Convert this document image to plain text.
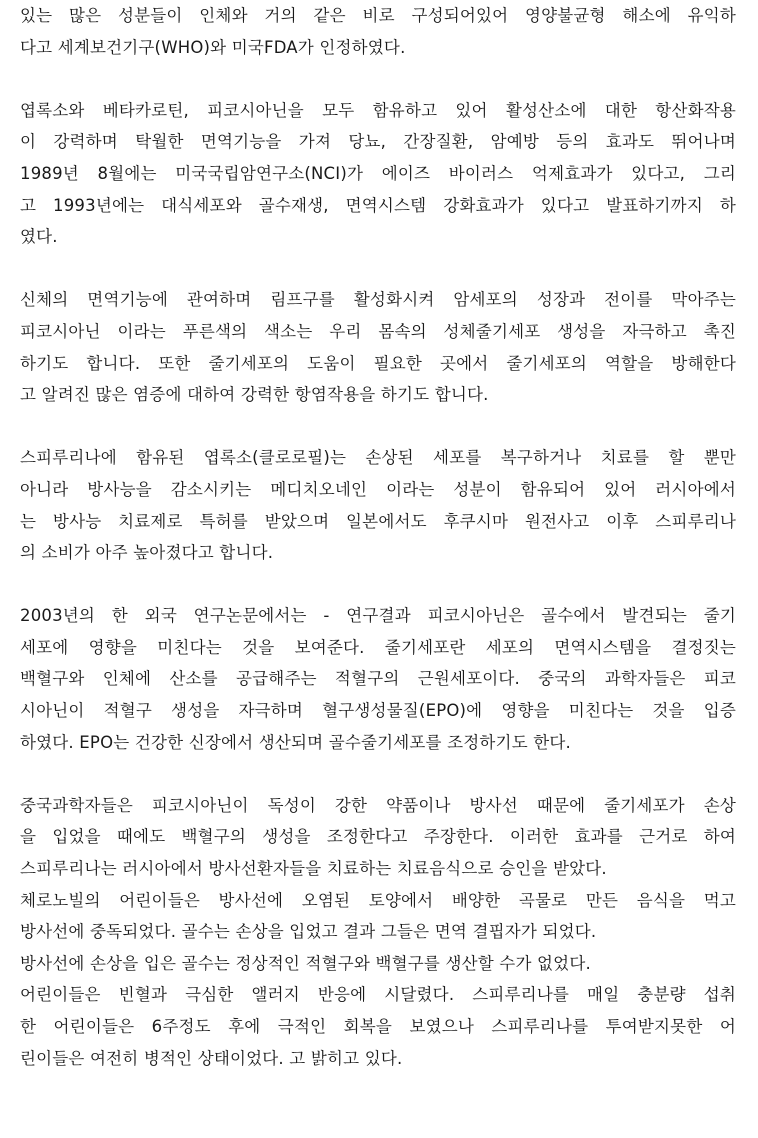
있는 많은 성분들이 인체와 거의 같은 비로 구성되어있어 영양불균형 해소에 유익하
다고 세계보건기구(WHO)와 미국FDA가 인정하였다.
엽록소와 베타카로틴, 피코시아닌을 모두 함유하고 있어 활성산소에 대한 항산화작용
이 강력하며 탁월한 면역기능을 가져 당뇨, 간장질환, 암예방 등의 효과도 뛰어나며
1989년 8월에는 미국국립암연구소(NCI)가 에이즈 바이러스 억제효과가 있다고, 그리
고 1993년에는 대식세포와 골수재생, 면역시스템 강화효과가 있다고 발표하기까지 하
였다.
신체의 면역기능에 관여하며 림프구를 활성화시켜 암세포의 성장과 전이를 막아주는
피코시아닌 이라는 푸른색의 색소는 우리 몸속의 성체줄기세포 생성을 자극하고 촉진
하기도 합니다. 또한 줄기세포의 도움이 필요한 곳에서 줄기세포의 역할을 방해한다
고 알려진 많은 염증에 대하여 강력한 항염작용을 하기도 합니다.
스피루리나에 함유된 엽록소(클로로필)는 손상된 세포를 복구하거나 치료를 할 뿐만
아니라 방사능을 감소시키는 메디치오네인 이라는 성분이 함유되어 있어 러시아에서
는 방사능 치료제로 특허를 받았으며 일본에서도 후쿠시마 원전사고 이후 스피루리나
의 소비가 아주 높아졌다고 합니다.
2003년의 한 외국 연구논문에서는 - 연구결과 피코시아닌은 골수에서 발견되는 줄기
세포에 영향을 미친다는 것을 보여준다. 줄기세포란 세포의 면역시스템을 결정짓는
백혈구와 인체에 산소를 공급해주는 적혈구의 근원세포이다. 중국의 과학자들은 피코
시아닌이 적혈구 생성을 자극하며 혈구생성물질(EPO)에 영향을 미친다는 것을 입증
하였다. EPO는 건강한 신장에서 생산되며 골수줄기세포를 조정하기도 한다.
중국과학자들은 피코시아닌이 독성이 강한 약품이나 방사선 때문에 줄기세포가 손상
을 입었을 때에도 백혈구의 생성을 조정한다고 주장한다. 이러한 효과를 근거로 하여
스피루리나는 러시아에서 방사선환자들을 치료하는 치료음식으로 승인을 받았다.
체로노빌의 어린이들은 방사선에 오염된 토양에서 배양한 곡물로 만든 음식을 먹고
방사선에 중독되었다. 골수는 손상을 입었고 결과 그들은 면역 결핍자가 되었다.
방사선에 손상을 입은 골수는 정상적인 적혈구와 백혈구를 생산할 수가 없었다.
어린이들은 빈혈과 극심한 앨러지 반응에 시달렸다. 스피루리나를 매일 충분량 섭취
한 어린이들은 6주정도 후에 극적인 회복을 보였으나 스피루리나를 투여받지못한 어
린이들은 여전히 병적인 상태이었다. 고 밝히고 있다.
